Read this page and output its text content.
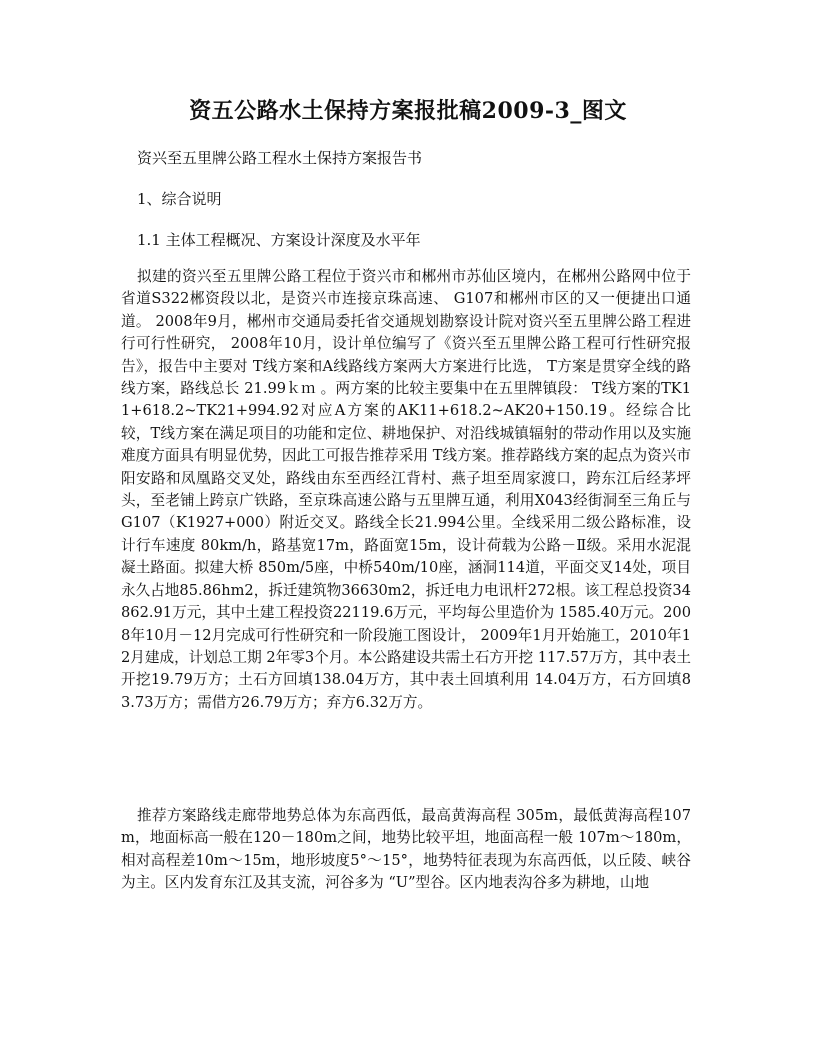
资五公路水土保持方案报批稿2009-3_图文

资兴至五里牌公路工程水土保持方案报告书

1、综合说明

1.1 主体工程概况、方案设计深度及水平年

拟建的资兴至五里牌公路工程位于资兴市和郴州市苏仙区境内，在郴州公路网中位于省道S322郴资段以北，是资兴市连接京珠高速、 G107和郴州市区的又一便捷出口通道。 2008年9月，郴州市交通局委托省交通规划勘察设计院对资兴至五里牌公路工程进行可行性研究， 2008年10月，设计单位编写了《资兴至五里牌公路工程可行性研究报告》，报告中主要对 T线方案和A线路线方案两大方案进行比选， T方案是贯穿全线的路线方案，路线总长 21.99ｋｍ 。两方案的比较主要集中在五里牌镇段： T线方案的TK11+618.2~TK21+994.92对应A方案的AK11+618.2~AK20+150.19。经综合比较，T线方案在满足项目的功能和定位、耕地保护、对沿线城镇辐射的带动作用以及实施难度方面具有明显优势，因此工可报告推荐采用 T线方案。推荐路线方案的起点为资兴市阳安路和凤凰路交叉处，路线由东至西经江背村、燕子坦至周家渡口，跨东江后经茅坪头，至老铺上跨京广铁路，至京珠高速公路与五里牌互通，利用X043经街洞至三角丘与G107（K1927+000）附近交叉。路线全长21.994公里。全线采用二级公路标准，设计行车速度 80km/h，路基宽17m，路面宽15m，设计荷载为公路－Ⅱ级。采用水泥混凝土路面。拟建大桥 850m/5座，中桥540m/10座，涵洞114道，平面交叉14处，项目永久占地85.86hm2，拆迁建筑物36630m2，拆迁电力电讯杆272根。该工程总投资34862.91万元，其中土建工程投资22119.6万元，平均每公里造价为 1585.40万元。2008年10月－12月完成可行性研究和一阶段施工图设计， 2009年1月开始施工，2010年12月建成，计划总工期 2年零3个月。本公路建设共需土石方开挖 117.57万方，其中表土开挖19.79万方；土石方回填138.04万方，其中表土回填利用 14.04万方，石方回填83.73万方；需借方26.79万方；弃方6.32万方。

推荐方案路线走廊带地势总体为东高西低，最高黄海高程 305m，最低黄海高程107m，地面标高一般在120－180m之间，地势比较平坦，地面高程一般 107m～180m，相对高程差10m～15m，地形坡度5°～15°，地势特征表现为东高西低，以丘陵、峡谷为主。区内发育东江及其支流，河谷多为 “U”型谷。区内地表沟谷多为耕地，山地
